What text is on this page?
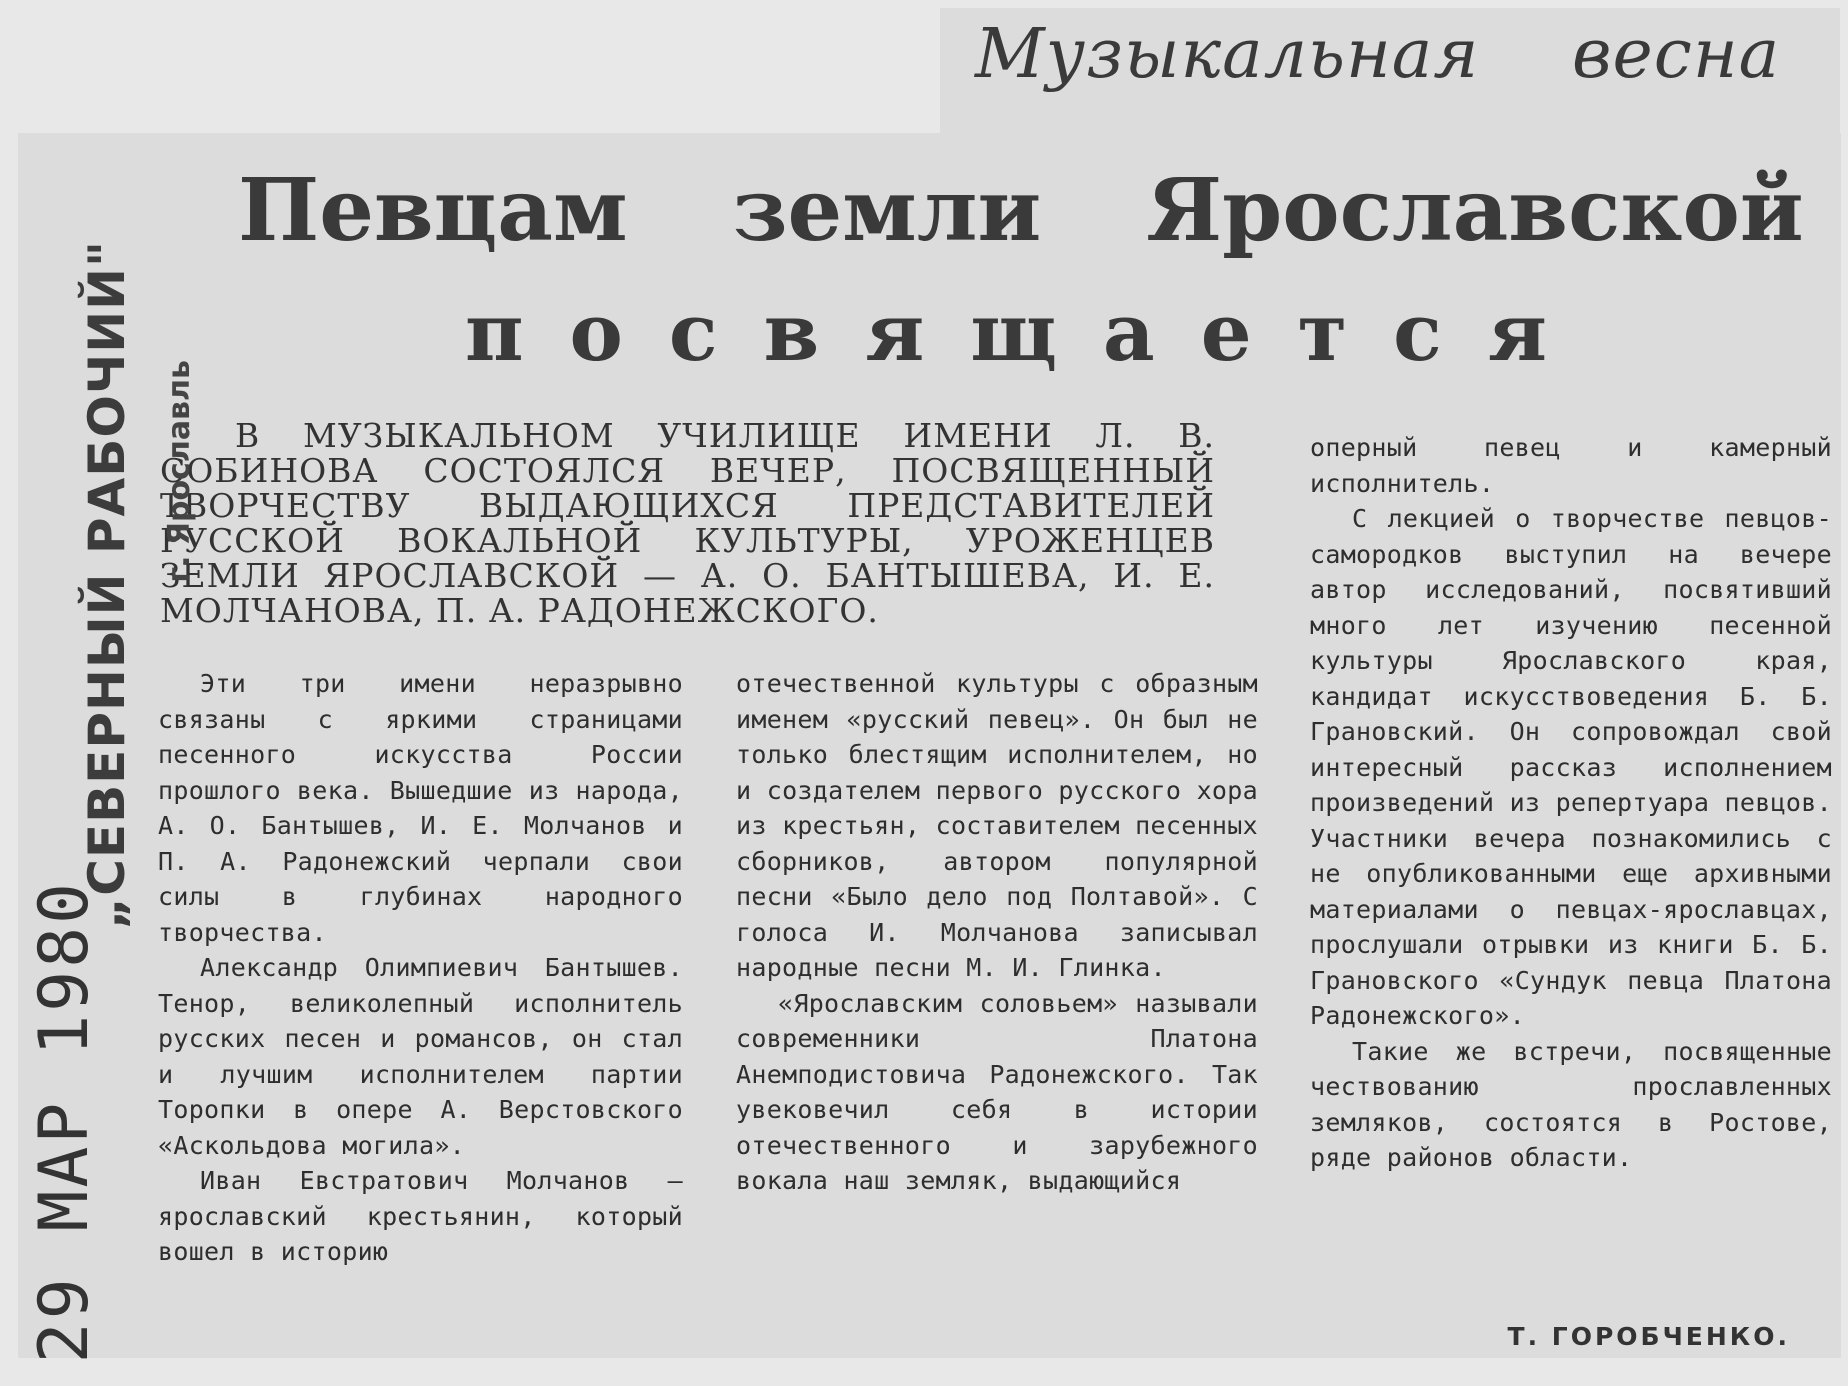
Музыкальная весна
Певцам земли Ярославской
посвящается

В МУЗЫКАЛЬНОМ УЧИЛИЩЕ ИМЕНИ Л. В. СОБИНОВА СОСТОЯЛСЯ ВЕЧЕР, ПОСВЯЩЕННЫЙ ТВОРЧЕСТВУ ВЫДАЮЩИХСЯ ПРЕДСТАВИТЕЛЕЙ РУССКОЙ ВОКАЛЬНОЙ КУЛЬТУРЫ, УРОЖЕНЦЕВ ЗЕМЛИ ЯРОСЛАВСКОЙ — А. О. БАНТЫШЕВА, И. Е. МОЛЧАНОВА, П. А. РАДОНЕЖСКОГО.

Эти три имени неразрывно связаны с яркими страницами песенного искусства России прошлого века. Вышедшие из народа, А. О. Бантышев, И. Е. Молчанов и П. А. Радонежский черпали свои силы в глубинах народного творчества.

Александр Олимпиевич Бантышев. Тенор, великолепный исполнитель русских песен и романсов, он стал и лучшим исполнителем партии Торопки в опере А. Верстовского «Аскольдова могила».

Иван Евстратович Молчанов — ярославский крестьянин, который вошел в историю

отечественной культуры с образным именем «русский певец». Он был не только блестящим исполнителем, но и создателем первого русского хора из крестьян, составителем песенных сборников, автором популярной песни «Было дело под Полтавой». С голоса И. Молчанова записывал народные песни М. И. Глинка.

«Ярославским соловьем» называли современники Платона Анемподистовича Радонежского. Так увековечил себя в истории отечественного и зарубежного вокала наш земляк, выдающийся

оперный певец и камерный исполнитель.

С лекцией о творчестве певцов-самородков выступил на вечере автор исследований, посвятивший много лет изучению песенной культуры Ярославского края, кандидат искусствоведения Б. Б. Грановский. Он сопровождал свой интересный рассказ исполнением произведений из репертуара певцов. Участники вечера познакомились с не опубликованными еще архивными материалами о певцах-ярославцах, прослушали отрывки из книги Б. Б. Грановского «Сундук певца Платона Радонежского».

Такие же встречи, посвященные чествованию прославленных земляков, состоятся в Ростове, ряде районов области.

Т. ГОРОБЧЕНКО.
„СЕВЕРНЫЙ РАБОЧИЙ" г. Ярославль
29 МАР 1980
